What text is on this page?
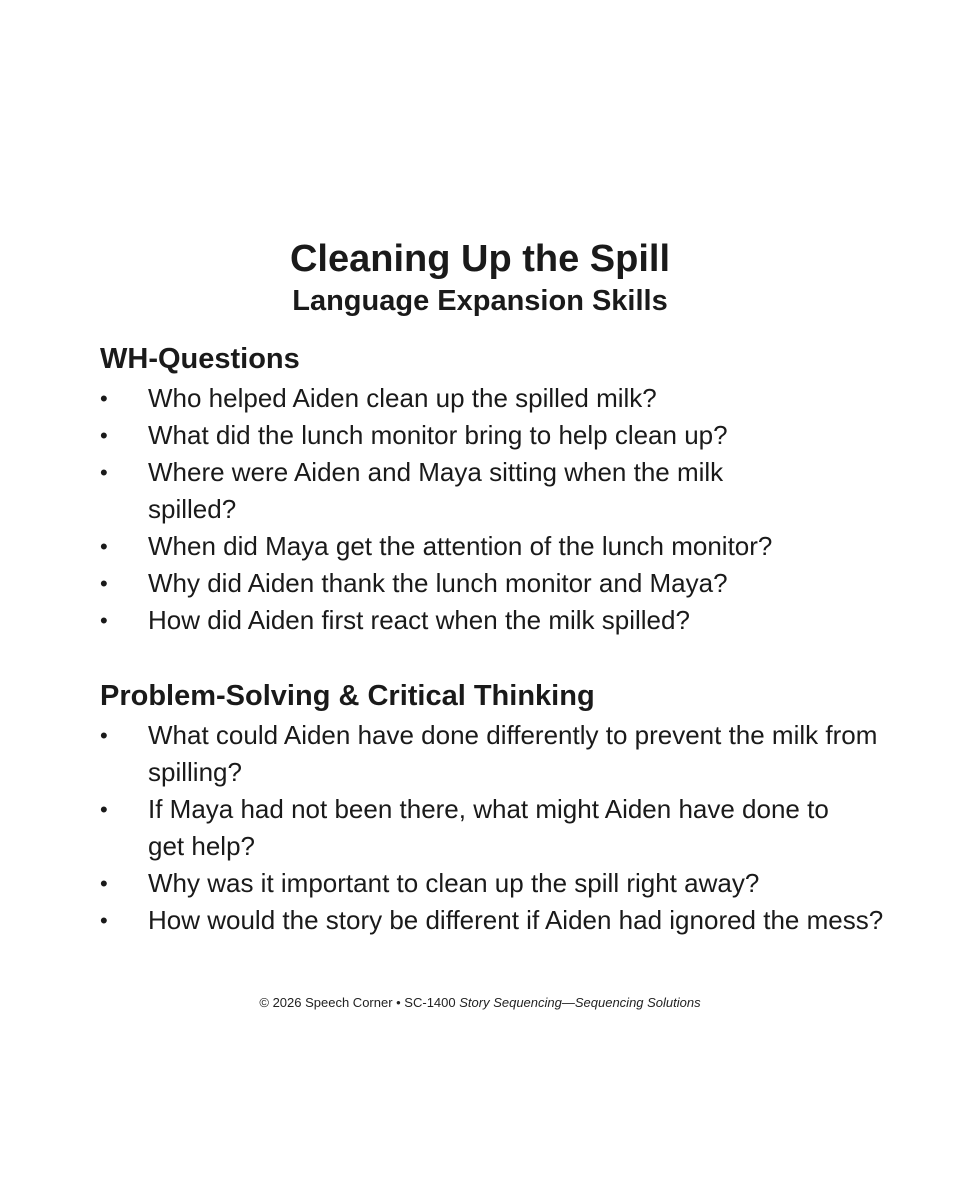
Cleaning Up the Spill
Language Expansion Skills
WH-Questions
• Who helped Aiden clean up the spilled milk?
• What did the lunch monitor bring to help clean up?
• Where were Aiden and Maya sitting when the milk spilled?
• When did Maya get the attention of the lunch monitor?
• Why did Aiden thank the lunch monitor and Maya?
• How did Aiden first react when the milk spilled?
Problem-Solving & Critical Thinking
• What could Aiden have done differently to prevent the milk from spilling?
• If Maya had not been there, what might Aiden have done to get help?
• Why was it important to clean up the spill right away?
• How would the story be different if Aiden had ignored the mess?
© 2026 Speech Corner • SC-1400 Story Sequencing—Sequencing Solutions
